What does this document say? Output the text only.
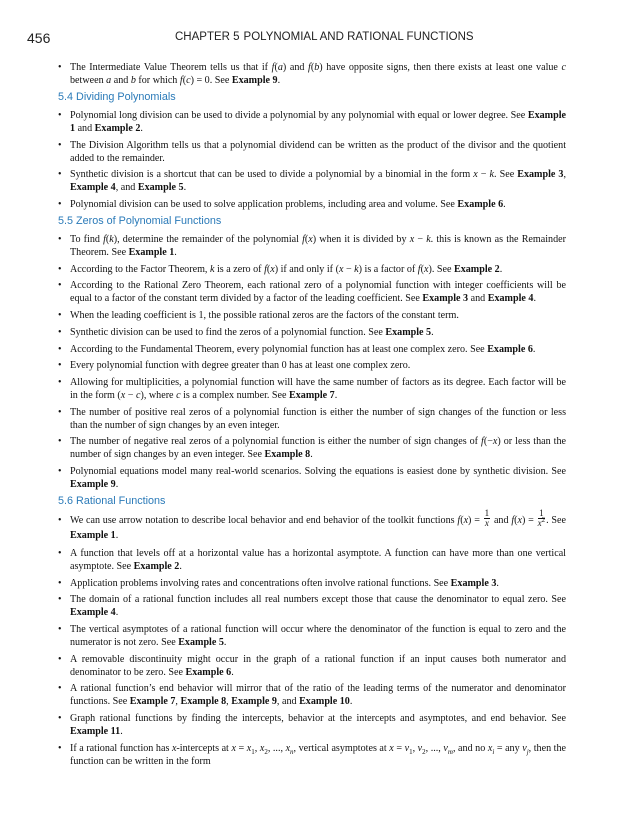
456	CHAPTER 5 POLYNOMIAL AND RATIONAL FUNCTIONS
• The Intermediate Value Theorem tells us that if f(a) and f(b) have opposite signs, then there exists at least one value c between a and b for which f(c) = 0. See Example 9.
5.4 Dividing Polynomials
• Polynomial long division can be used to divide a polynomial by any polynomial with equal or lower degree. See Example 1 and Example 2.
• The Division Algorithm tells us that a polynomial dividend can be written as the product of the divisor and the quotient added to the remainder.
• Synthetic division is a shortcut that can be used to divide a polynomial by a binomial in the form x − k. See Example 3, Example 4, and Example 5.
• Polynomial division can be used to solve application problems, including area and volume. See Example 6.
5.5 Zeros of Polynomial Functions
• To find f(k), determine the remainder of the polynomial f(x) when it is divided by x − k. this is known as the Remainder Theorem. See Example 1.
• According to the Factor Theorem, k is a zero of f(x) if and only if (x − k) is a factor of f(x). See Example 2.
• According to the Rational Zero Theorem, each rational zero of a polynomial function with integer coefficients will be equal to a factor of the constant term divided by a factor of the leading coefficient. See Example 3 and Example 4.
• When the leading coefficient is 1, the possible rational zeros are the factors of the constant term.
• Synthetic division can be used to find the zeros of a polynomial function. See Example 5.
• According to the Fundamental Theorem, every polynomial function has at least one complex zero. See Example 6.
• Every polynomial function with degree greater than 0 has at least one complex zero.
• Allowing for multiplicities, a polynomial function will have the same number of factors as its degree. Each factor will be in the form (x − c), where c is a complex number. See Example 7.
• The number of positive real zeros of a polynomial function is either the number of sign changes of the function or less than the number of sign changes by an even integer.
• The number of negative real zeros of a polynomial function is either the number of sign changes of f(−x) or less than the number of sign changes by an even integer. See Example 8.
• Polynomial equations model many real-world scenarios. Solving the equations is easiest done by synthetic division. See Example 9.
5.6 Rational Functions
• We can use arrow notation to describe local behavior and end behavior of the toolkit functions $f(x) = \frac{1}{x}$ and $f(x) = \frac{1}{x^2}$ . See Example 1.
• A function that levels off at a horizontal value has a horizontal asymptote. A function can have more than one vertical asymptote. See Example 2.
• Application problems involving rates and concentrations often involve rational functions. See Example 3.
• The domain of a rational function includes all real numbers except those that cause the denominator to equal zero. See Example 4.
• The vertical asymptotes of a rational function will occur where the denominator of the function is equal to zero and the numerator is not zero. See Example 5.
• A removable discontinuity might occur in the graph of a rational function if an input causes both numerator and denominator to be zero. See Example 6.
• A rational function’s end behavior will mirror that of the ratio of the leading terms of the numerator and denominator functions. See Example 7, Example 8, Example 9, and Example 10.
• Graph rational functions by finding the intercepts, behavior at the intercepts and asymptotes, and end behavior. See Example 11.
• If a rational function has x-intercepts at $x = x_1$, $x_2$, ..., $x_n$, vertical asymptotes at $x = v_1$, $v_2$, ..., $v_m$, and no $x_i$ = any $v_j$, then the function can be written in the form
